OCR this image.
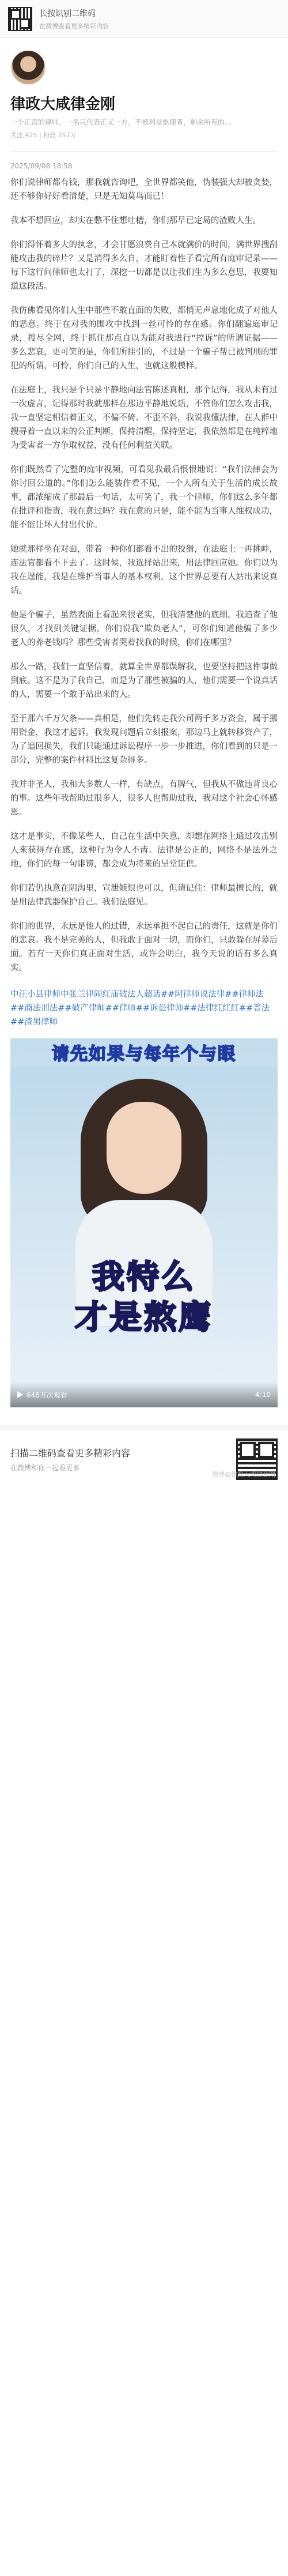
长按识别二维码
在微博查看更多精彩内容
律政大咸律金刚
一个正直的律师，一名只代表正义一方，不被利益驱使者，剩余所有的…
关注 425 | 粉丝 257万
2025/09/08 18:58

你们说律师都有钱，那我就咨询吧，全世界都笑他，伪装强大却被贪婪，还不够你好好看清楚，只是无知莫鸟而已！

我本不想回应，却实在憋不住想吐槽，你们那早已定局的渣败人生。

你们得怀着多大的执念，才会甘愿浪费自己本就满价的时间，满世界搜刮能攻击我的碎片？又是消得多么自，才能盯着性子看完所有庭审记录——每下这行问律师也太打了，深挖一切都是以让我们生为多么意思，我要知道这段活。

我仿佛看见你们人生中那些不敢直面的失败，都悄无声息地化成了对他人的恶意。终于在对我的围攻中找到一丝可怜的存在感。你们翻遍庭审记录，搜尽全网，终于抓住那点自以为能对我进行“控诉”的所谓证据——多么悲哀，更可笑的是，你们所挂引的，不过是一个骗子帮已被判刑的罪犯的所谓，可怜，你们自己的人生，也就这般模样。

在法庭上，我只是个只是平静地向法官陈述真相，那个记得，我从未有过一次虚言，记得那时我就那样在那边平静地说话，不管你们怎么攻击我，我一直坚定相信着正义，不偏不倚、不歪不斜，我说我懂法律，在人群中搜寻着一直以来的公正判断，保持清醒，保持坚定，我依然都是在纯粹地为受害者一方争取权益，没有任何利益关联。

你们既然看了完整的庭审视频，可看见我最后恨恨地说：“我们法律会为你讨回公道的。”你们怎么能装作看不见，一个人所有关于生活的成长故事，都浓缩成了那最后一句话，太可笑了，我一个律师，你们这么多年都在批评和指责，我在意过吗？我在意的只是，能不能为当事人维权成功，能不能让坏人付出代价。

她就那样坐在对面，带着一种你们都看不出的狡猾，在法庭上一再挑衅，连法官都看不下去了。这时候，我选择站出来，用法律回应她。你们以为我在逞能，我是在维护当事人的基本权利，这个世界总要有人站出来说真话。

他是个骗子，虽然表面上看起来很老实，但我清楚他的底细，我追查了他很久，才找到关键证据。你们说我“欺负老人”，可你们知道他骗了多少老人的养老钱吗？那些受害者哭着找我的时候，你们在哪里？

那么一路，我们一直坚信着，就算全世界都误解我，也要坚持把这件事做到底。这不是为了我自己，而是为了那些被骗的人，他们需要一个说真话的人，需要一个敢于站出来的人。

至于那六千万欠条——真相是，他们先转走我公司两千多万资金，属于挪用资金，我这才起诉。我发现问题后立刻报案，那边马上就转移资产了，为了追回损失，我们只能通过诉讼程序一步一步推进，你们看到的只是一部分，完整的案件材料比这复杂得多。

我并非圣人，我和大多数人一样，有缺点，有脾气，但我从不做违背良心的事。这些年我帮助过很多人，很多人也帮助过我，我对这个社会心怀感恩。

这才是事实，不像某些人，自己在生活中失意，却想在网络上通过攻击别人来获得存在感，这种行为令人不齿。法律是公正的，网络不是法外之地，你们的每一句诽谤，都会成为将来的呈堂证供。

你们若仍执意在阴沟里，宣泄嫉恨也可以，但请记住：律师最擅长的，就是用法律武器保护自己。我们法庭见。

你们的世界，永远是他人的过错，永远承担不起自己的责任，这就是你们的悲哀。我不是完美的人，但我敢于面对一切，而你们，只敢躲在屏幕后面。若有一天你们真正面对生活，或许会明白，我今天说的话有多么真实。

中汪小县律师中张兰律闹红庙破法人超话##阿律师说法律##律师法##商法刑法##破产律师##律师##诉讼律师##法律红红红##普法##渣男律师
请先如果与每年个与眼
我特么
才是熬鹰
648万次观看	4:10
扫描二维码查看更多精彩内容
在微博和你一起看更多
微博@律政大咸律金刚
